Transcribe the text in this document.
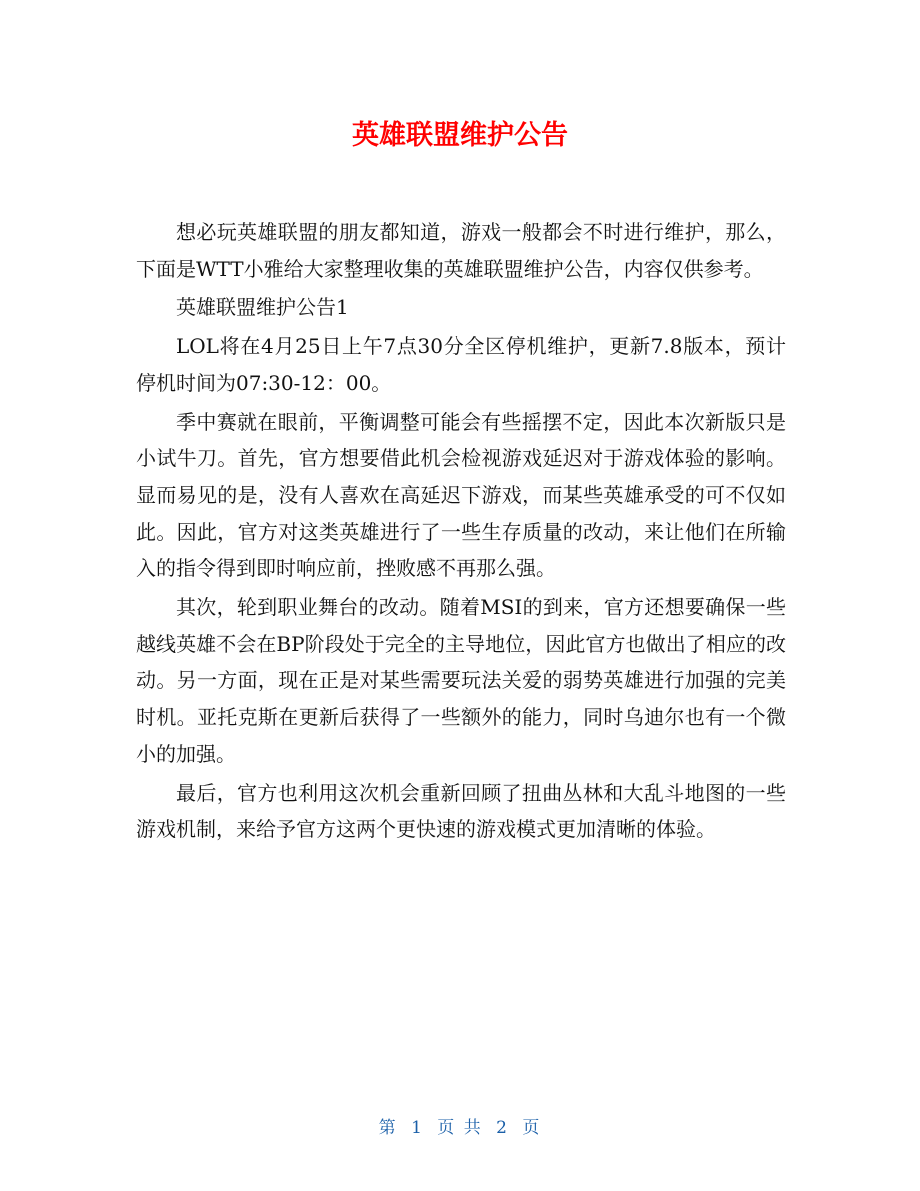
英雄联盟维护公告

想必玩英雄联盟的朋友都知道，游戏一般都会不时进行维护，那么，下面是WTT小雅给大家整理收集的英雄联盟维护公告，内容仅供参考。

英雄联盟维护公告1

LOL将在4月25日上午7点30分全区停机维护，更新7.8版本，预计停机时间为07:30-12：00。

季中赛就在眼前，平衡调整可能会有些摇摆不定，因此本次新版只是小试牛刀。首先，官方想要借此机会检视游戏延迟对于游戏体验的影响。显而易见的是，没有人喜欢在高延迟下游戏，而某些英雄承受的可不仅如此。因此，官方对这类英雄进行了一些生存质量的改动，来让他们在所输入的指令得到即时响应前，挫败感不再那么强。

其次，轮到职业舞台的改动。随着MSI的到来，官方还想要确保一些越线英雄不会在BP阶段处于完全的主导地位，因此官方也做出了相应的改动。另一方面，现在正是对某些需要玩法关爱的弱势英雄进行加强的完美时机。亚托克斯在更新后获得了一些额外的能力，同时乌迪尔也有一个微小的加强。

最后，官方也利用这次机会重新回顾了扭曲丛林和大乱斗地图的一些游戏机制，来给予官方这两个更快速的游戏模式更加清晰的体验。

第 1 页 共 2 页
